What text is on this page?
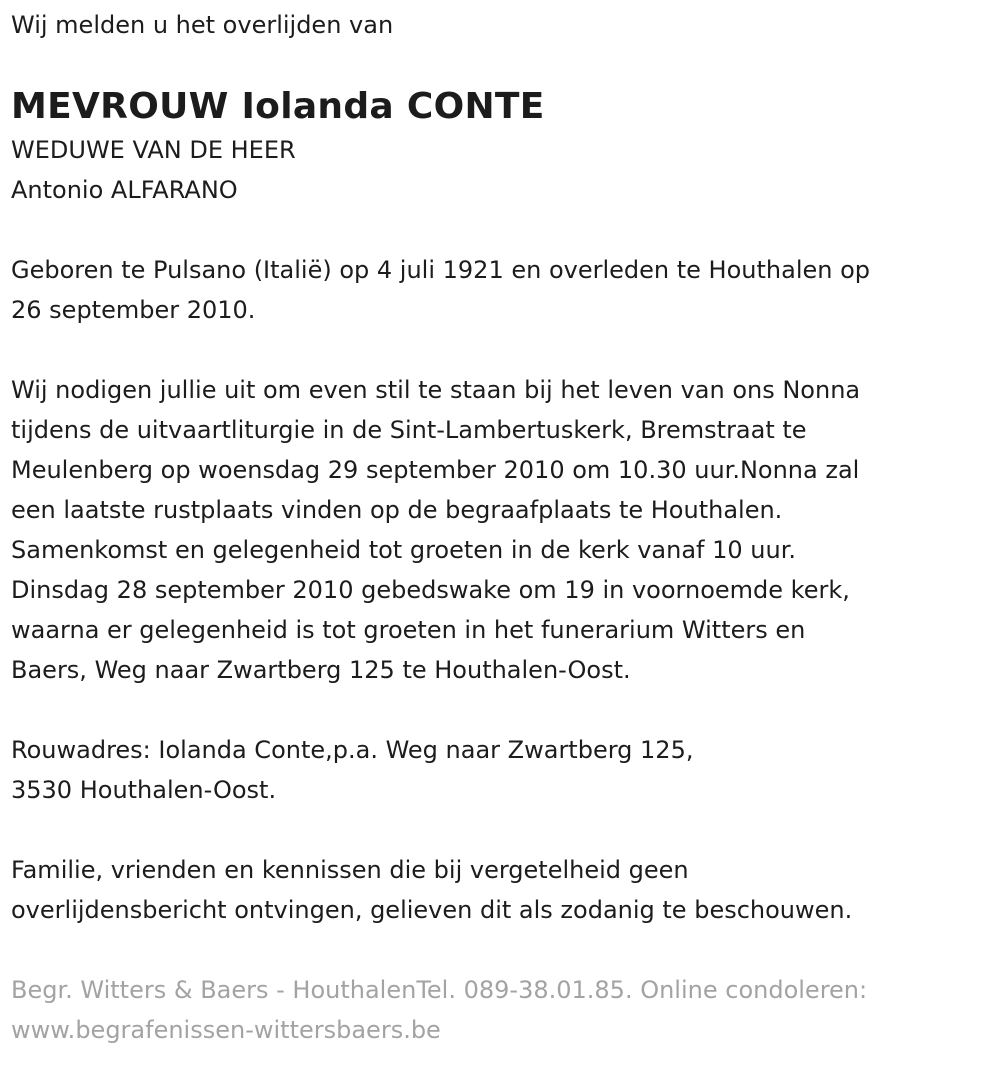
Wij melden u het overlijden van

MEVROUW Iolanda CONTE

WEDUWE VAN DE HEER

Antonio ALFARANO

Geboren te Pulsano (Italië) op 4 juli 1921 en overleden te Houthalen op

26 september 2010.

Wij nodigen jullie uit om even stil te staan bij het leven van ons Nonna

tijdens de uitvaartliturgie in de Sint-Lambertuskerk, Bremstraat te

Meulenberg op woensdag 29 september 2010 om 10.30 uur.Nonna zal

een laatste rustplaats vinden op de begraafplaats te Houthalen.

Samenkomst en gelegenheid tot groeten in de kerk vanaf 10 uur.

Dinsdag 28 september 2010 gebedswake om 19 in voornoemde kerk,

waarna er gelegenheid is tot groeten in het funerarium Witters en

Baers, Weg naar Zwartberg 125 te Houthalen-Oost.

Rouwadres: Iolanda Conte,p.a. Weg naar Zwartberg 125,

3530 Houthalen-Oost.

Familie, vrienden en kennissen die bij vergetelheid geen

overlijdensbericht ontvingen, gelieven dit als zodanig te beschouwen.

Begr. Witters & Baers - HouthalenTel. 089-38.01.85. Online condoleren:

www.begrafenissen-wittersbaers.be
